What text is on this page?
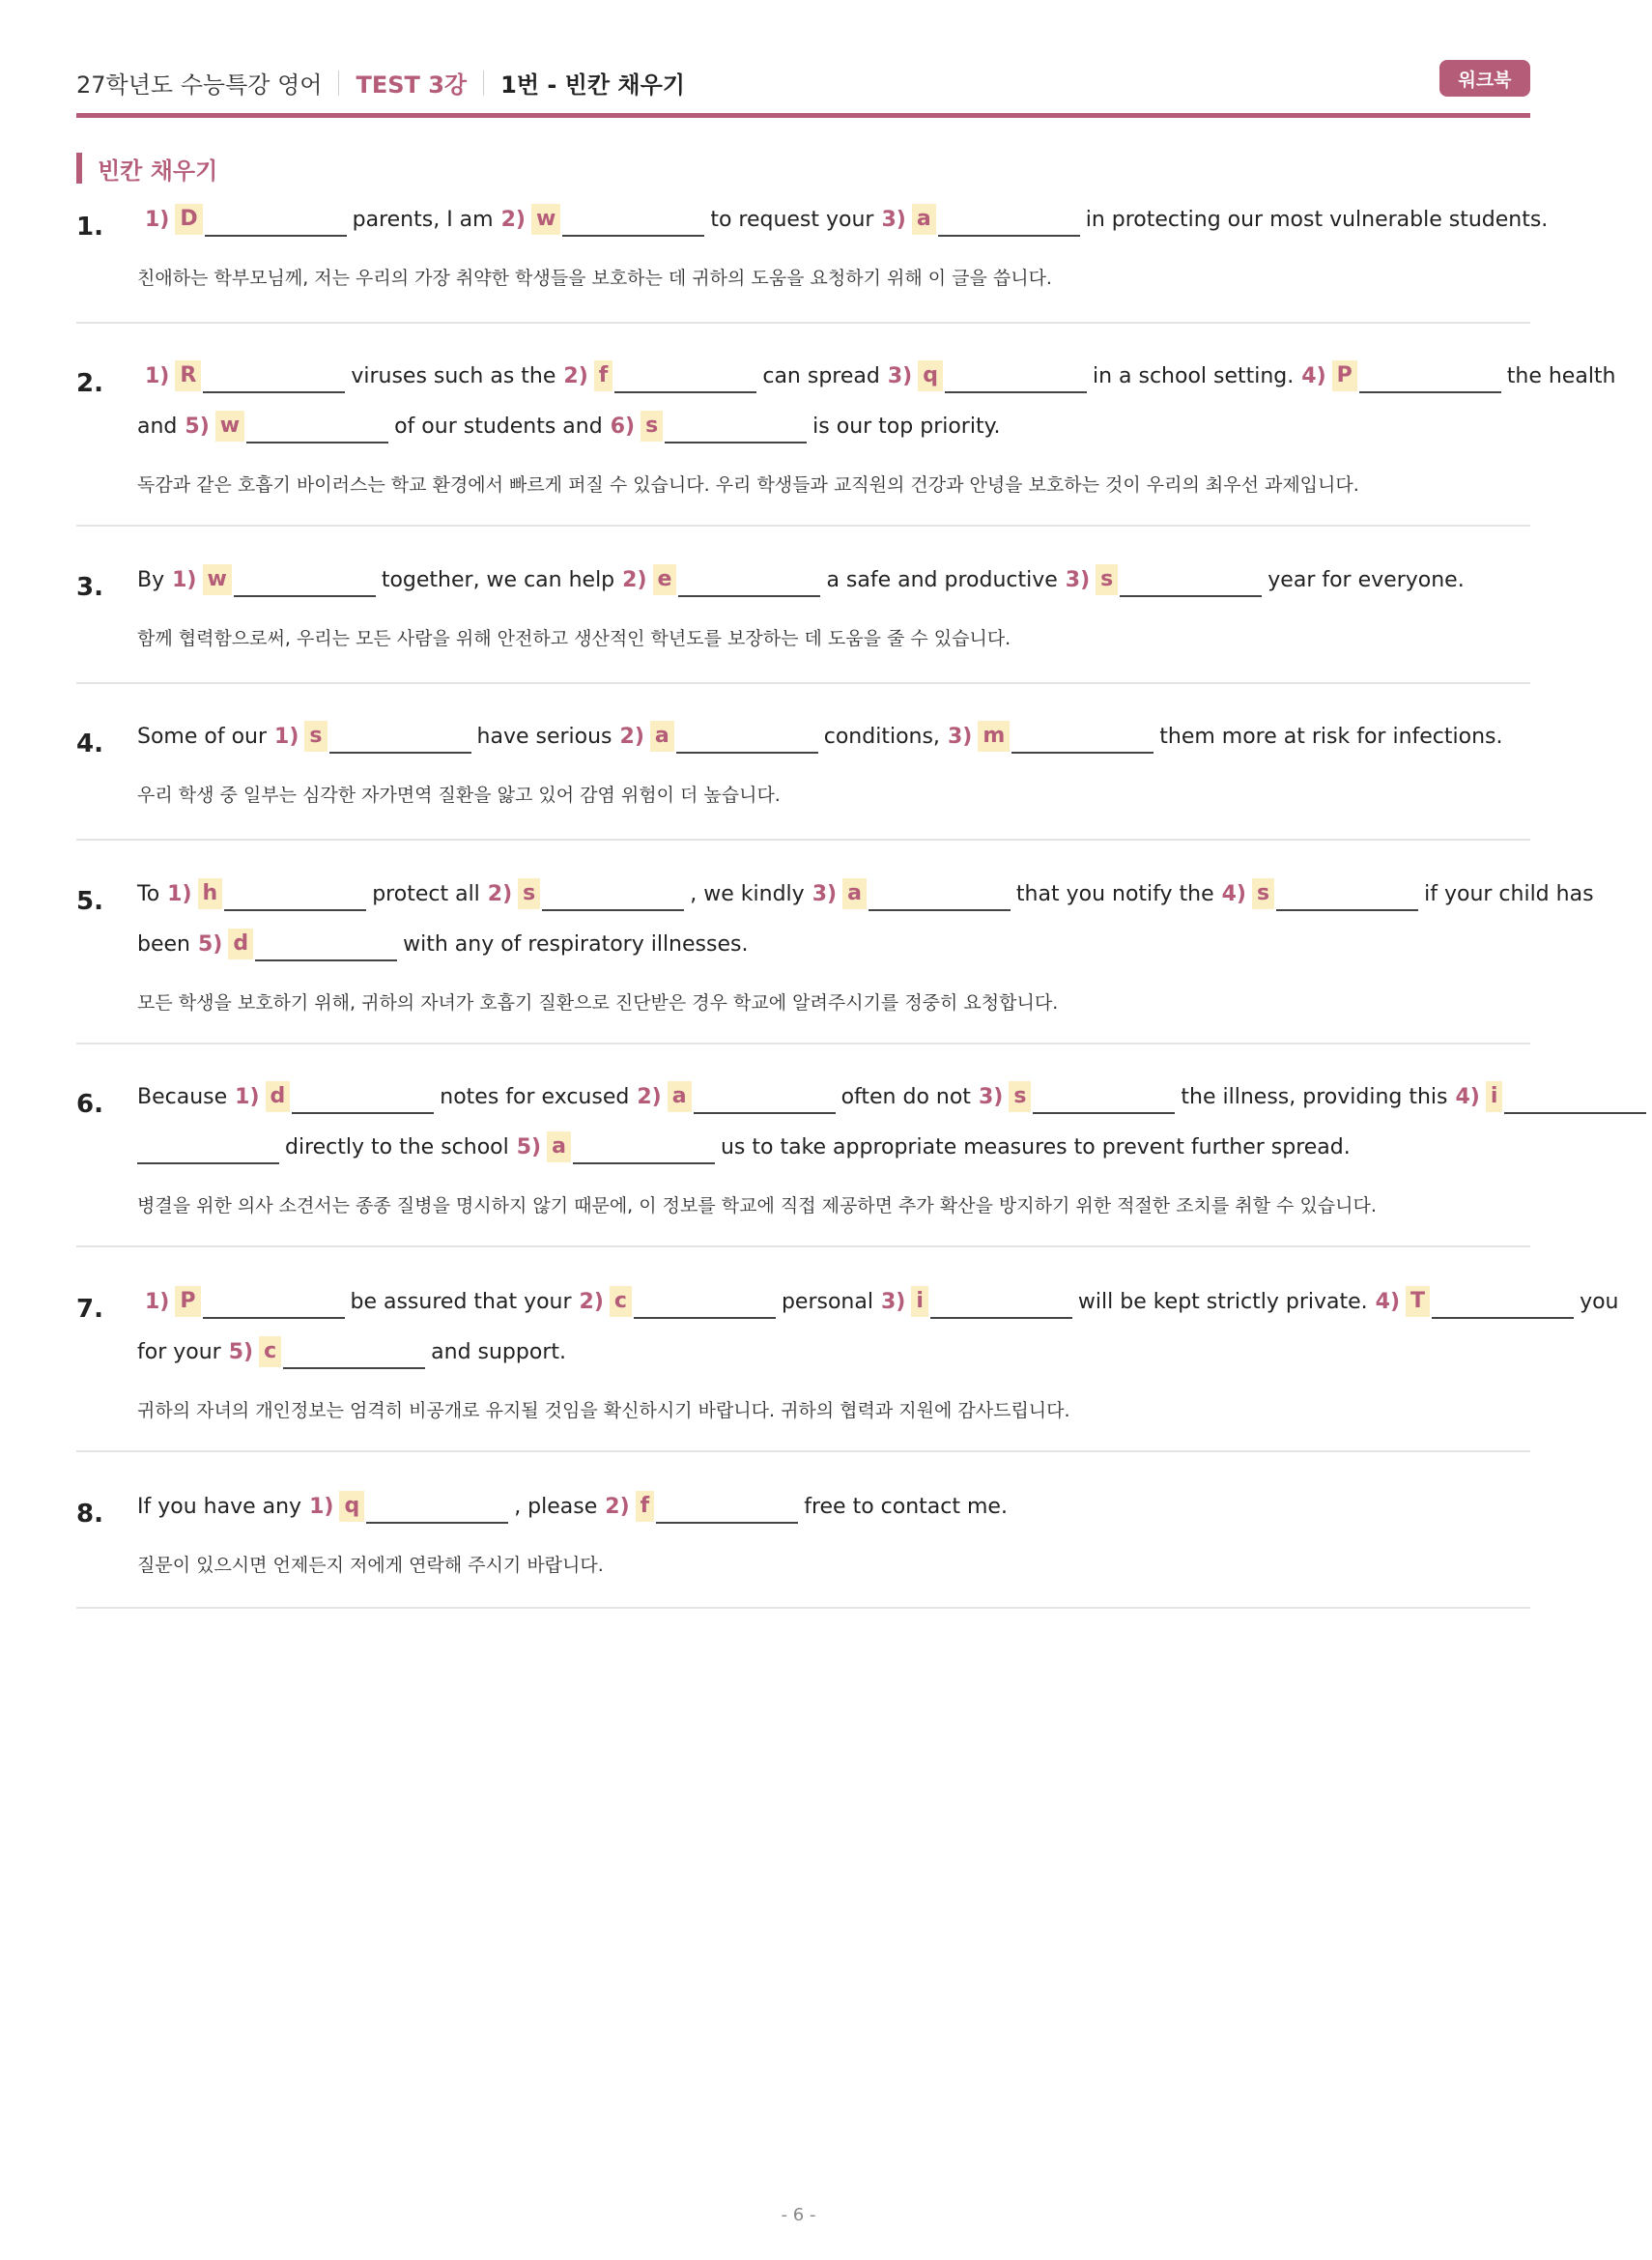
27학년도 수능특강 영어 TEST 3강 1번 - 빈칸 채우기	워크북
빈칸 채우기
1. 1) D	parents, I am 2) w	to request your 3) a	in protecting our most vulnerable students.
친애하는 학부모님께, 저는 우리의 가장 취약한 학생들을 보호하는 데 귀하의 도움을 요청하기 위해 이 글을 씁니다.
2. 1) R	viruses such as the 2) f	can spread 3) q	in a school setting. 4) P	the health
and 5) w	of our students and 6) s	is our top priority.
독감과 같은 호흡기 바이러스는 학교 환경에서 빠르게 퍼질 수 있습니다. 우리 학생들과 교직원의 건강과 안녕을 보호하는 것이 우리의 최우선 과제입니다.
3. By 1) w	together, we can help 2) e	a safe and productive 3) s	year for everyone.
함께 협력함으로써, 우리는 모든 사람을 위해 안전하고 생산적인 학년도를 보장하는 데 도움을 줄 수 있습니다.
4. Some of our 1) s	have serious 2) a	conditions, 3) m	them more at risk for infections.
우리 학생 중 일부는 심각한 자가면역 질환을 앓고 있어 감염 위험이 더 높습니다.
5. To 1) h	protect all 2) s	, we kindly 3) a	that you notify the 4) s	if your child has
been 5) d	with any of respiratory illnesses.
모든 학생을 보호하기 위해, 귀하의 자녀가 호흡기 질환으로 진단받은 경우 학교에 알려주시기를 정중히 요청합니다.
6. Because 1) d	notes for excused 2) a	often do not 3) s	the illness, providing this 4) i
directly to the school 5) a	us to take appropriate measures to prevent further spread.
병결을 위한 의사 소견서는 종종 질병을 명시하지 않기 때문에, 이 정보를 학교에 직접 제공하면 추가 확산을 방지하기 위한 적절한 조치를 취할 수 있습니다.
7. 1) P	be assured that your 2) c	personal 3) i	will be kept strictly private. 4) T	you
for your 5) c	and support.
귀하의 자녀의 개인정보는 엄격히 비공개로 유지될 것임을 확신하시기 바랍니다. 귀하의 협력과 지원에 감사드립니다.
8. If you have any 1) q	, please 2) f	free to contact me.
질문이 있으시면 언제든지 저에게 연락해 주시기 바랍니다.
- 6 -
